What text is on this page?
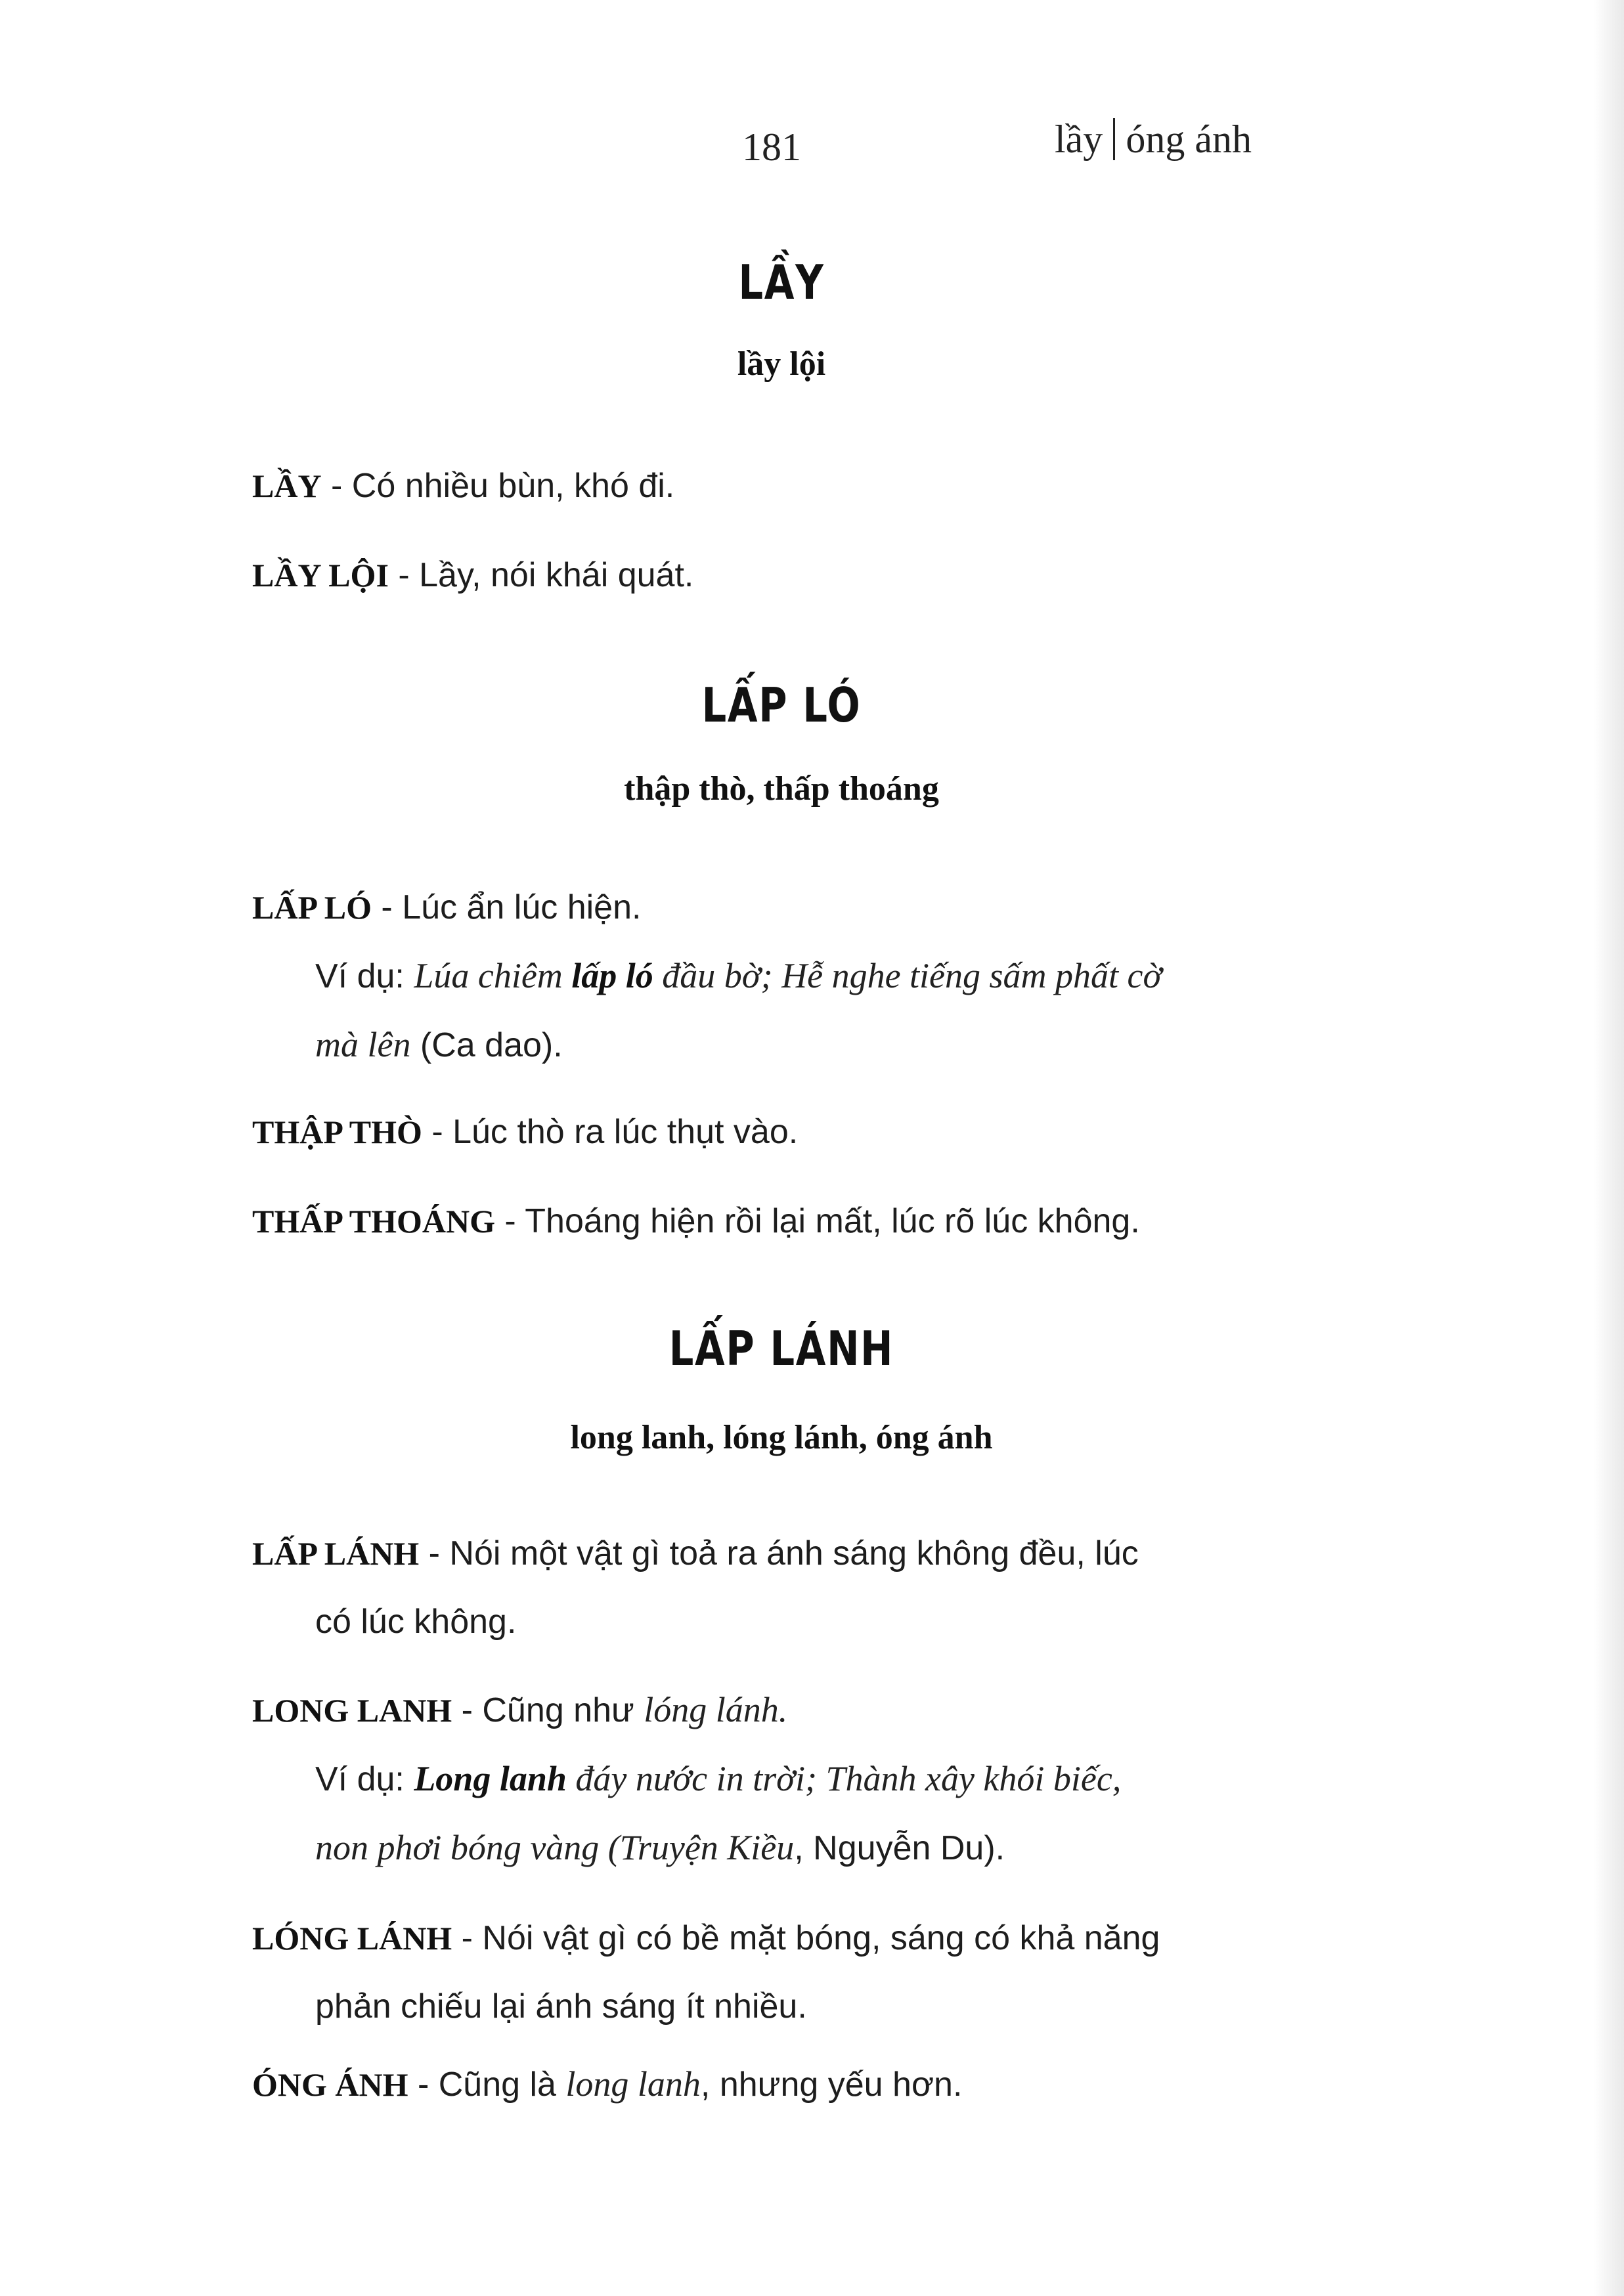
181	lầy óng ánh
LẦY
lầy lội
LẦY - Có nhiều bùn, khó đi.
LẦY LỘI - Lầy, nói khái quát.
LẤP LÓ
thập thò, thấp thoáng
LẤP LÓ - Lúc ẩn lúc hiện.
Ví dụ: Lúa chiêm lấp ló đầu bờ; Hễ nghe tiếng sấm phất cờ
mà lên (Ca dao).
THẬP THÒ - Lúc thò ra lúc thụt vào.
THẤP THOÁNG - Thoáng hiện rồi lại mất, lúc rõ lúc không.
LẤP LÁNH
long lanh, lóng lánh, óng ánh
LẤP LÁNH - Nói một vật gì toả ra ánh sáng không đều, lúc
có lúc không.
LONG LANH - Cũng như lóng lánh.
Ví dụ: Long lanh đáy nước in trời; Thành xây khói biếc,
non phơi bóng vàng (Truyện Kiều, Nguyễn Du).
LÓNG LÁNH - Nói vật gì có bề mặt bóng, sáng có khả năng
phản chiếu lại ánh sáng ít nhiều.
ÓNG ÁNH - Cũng là long lanh, nhưng yếu hơn.
